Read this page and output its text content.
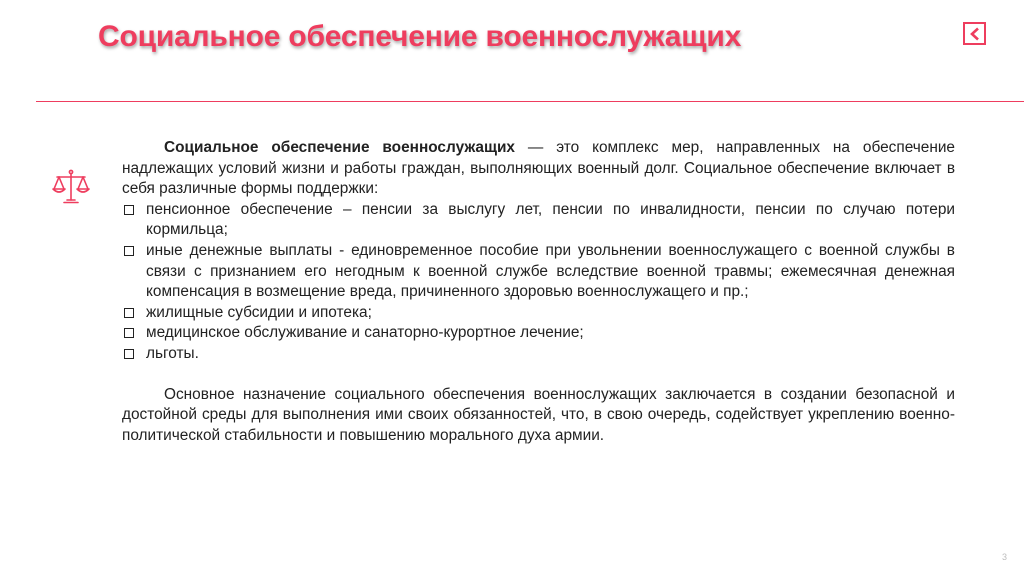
Социальное обеспечение военнослужащих

Социальное обеспечение военнослужащих — это комплекс мер, направленных на обеспечение надлежащих условий жизни и работы граждан, выполняющих военный долг. Социальное обеспечение включает в себя различные формы поддержки:

пенсионное обеспечение – пенсии за выслугу лет, пенсии по инвалидности, пенсии по случаю потери кормильца;
иные денежные выплаты - единовременное пособие при увольнении военнослужащего с военной службы в связи с признанием его негодным к военной службе вследствие военной травмы; ежемесячная денежная компенсация в возмещение вреда, причиненного здоровью военнослужащего и пр.;
жилищные субсидии и ипотека;
медицинское обслуживание и санаторно-курортное лечение;
льготы.

Основное назначение социального обеспечения военнослужащих заключается в создании безопасной и достойной среды для выполнения ими своих обязанностей, что, в свою очередь, содействует укреплению военно-политической стабильности и повышению морального духа армии.

3
